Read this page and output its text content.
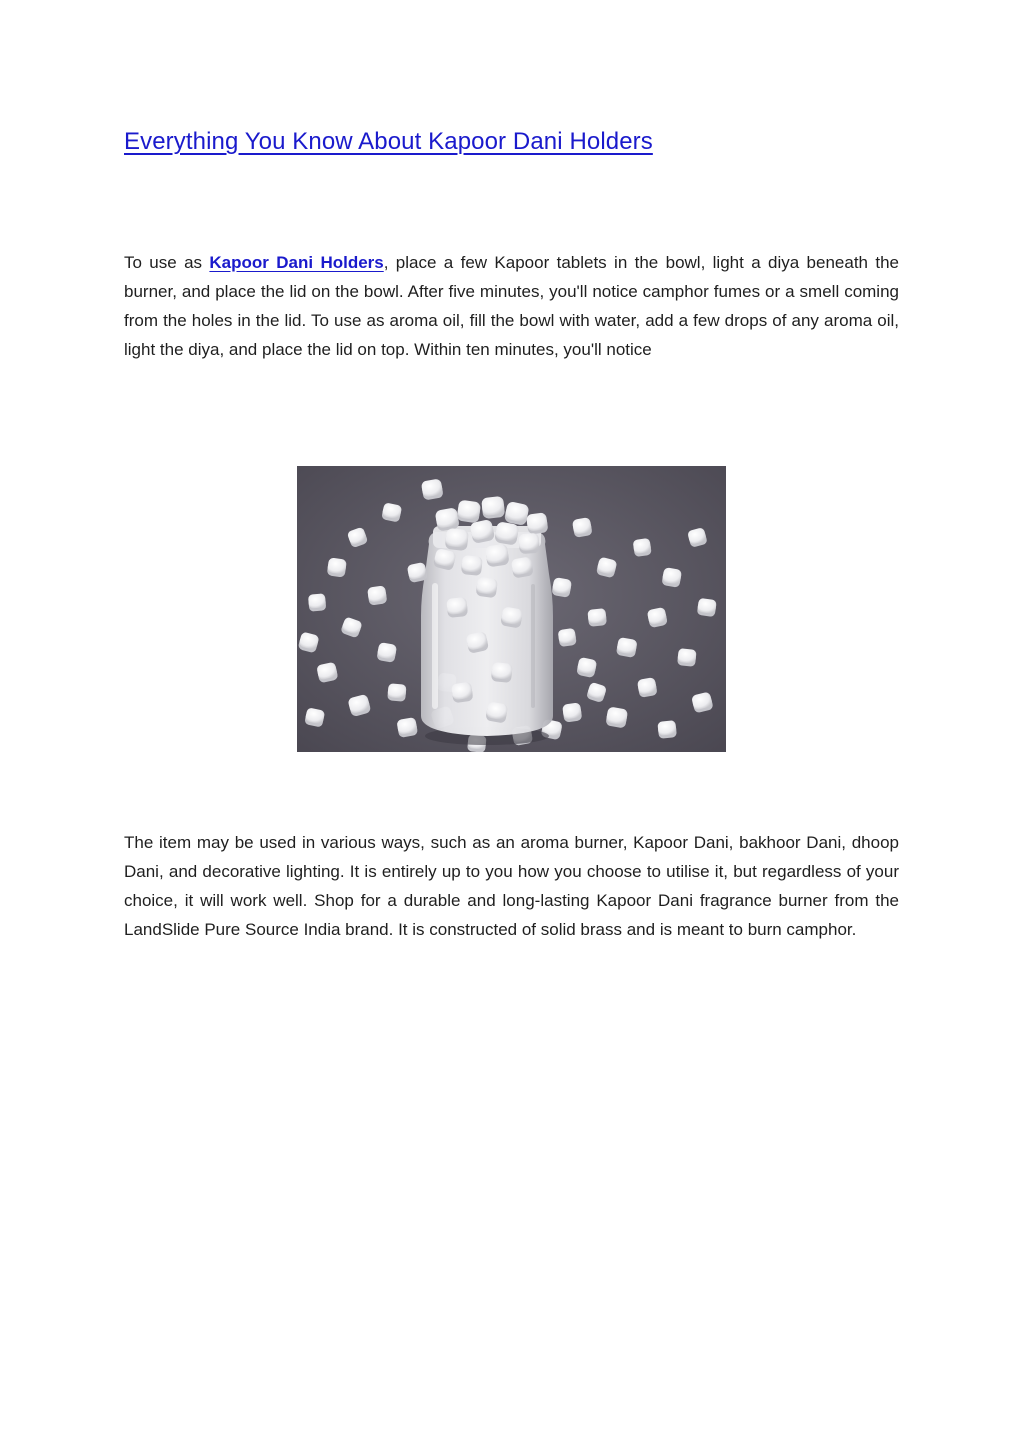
Everything You Know About Kapoor Dani Holders

To use as Kapoor Dani Holders, place a few Kapoor tablets in the bowl, light a diya beneath the burner, and place the lid on the bowl. After five minutes, you'll notice camphor fumes or a smell coming from the holes in the lid. To use as aroma oil, fill the bowl with water, add a few drops of any aroma oil, light the diya, and place the lid on top. Within ten minutes, you'll notice

The item may be used in various ways, such as an aroma burner, Kapoor Dani, bakhoor Dani, dhoop Dani, and decorative lighting. It is entirely up to you how you choose to utilise it, but regardless of your choice, it will work well. Shop for a durable and long-lasting Kapoor Dani fragrance burner from the LandSlide Pure Source India brand. It is constructed of solid brass and is meant to burn camphor.
